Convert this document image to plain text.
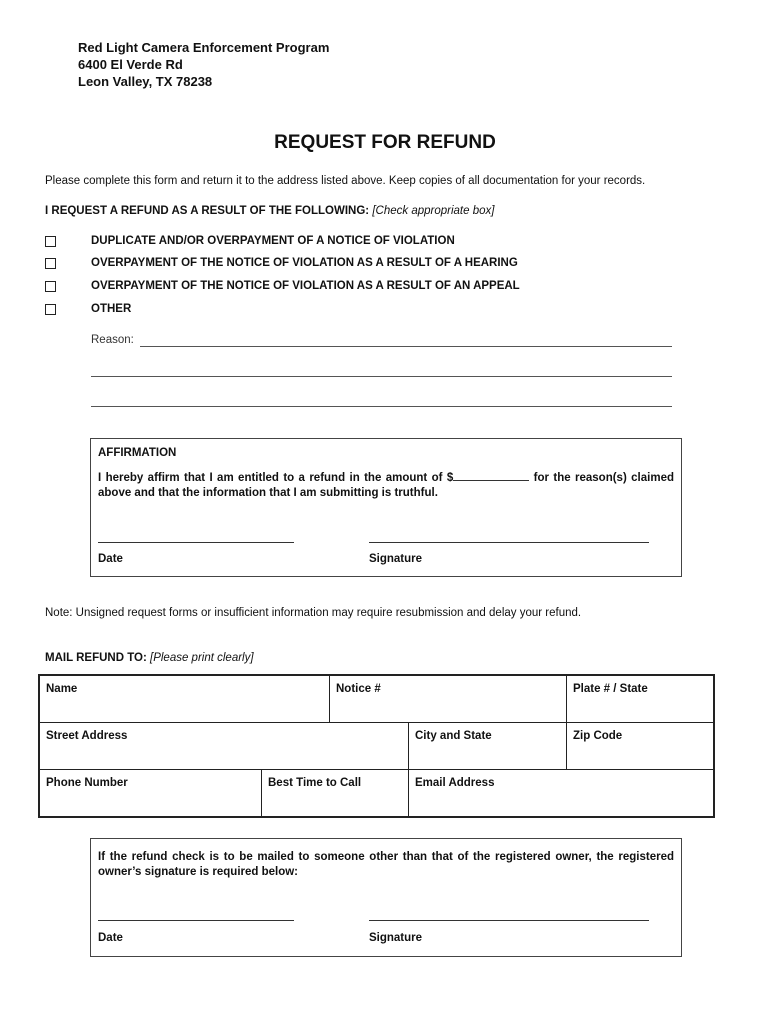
Red Light Camera Enforcement Program
6400 El Verde Rd
Leon Valley, TX 78238
REQUEST FOR REFUND
Please complete this form and return it to the address listed above. Keep copies of all documentation for your records.
I REQUEST A REFUND AS A RESULT OF THE FOLLOWING: [Check appropriate box]
DUPLICATE AND/OR OVERPAYMENT OF A NOTICE OF VIOLATION
OVERPAYMENT OF THE NOTICE OF VIOLATION AS A RESULT OF A HEARING
OVERPAYMENT OF THE NOTICE OF VIOLATION AS A RESULT OF AN APPEAL
OTHER
Reason:
AFFIRMATION
I hereby affirm that I am entitled to a refund in the amount of $	for the reason(s) claimed above and that the information that I am submitting is truthful.
Date	Signature
Note: Unsigned request forms or insufficient information may require resubmission and delay your refund.
MAIL REFUND TO: [Please print clearly]
Name	Notice #	Plate # / State
Street Address	City and State	Zip Code
Phone Number	Best Time to Call	Email Address
If the refund check is to be mailed to someone other than that of the registered owner, the registered owner’s signature is required below:
Date	Signature
